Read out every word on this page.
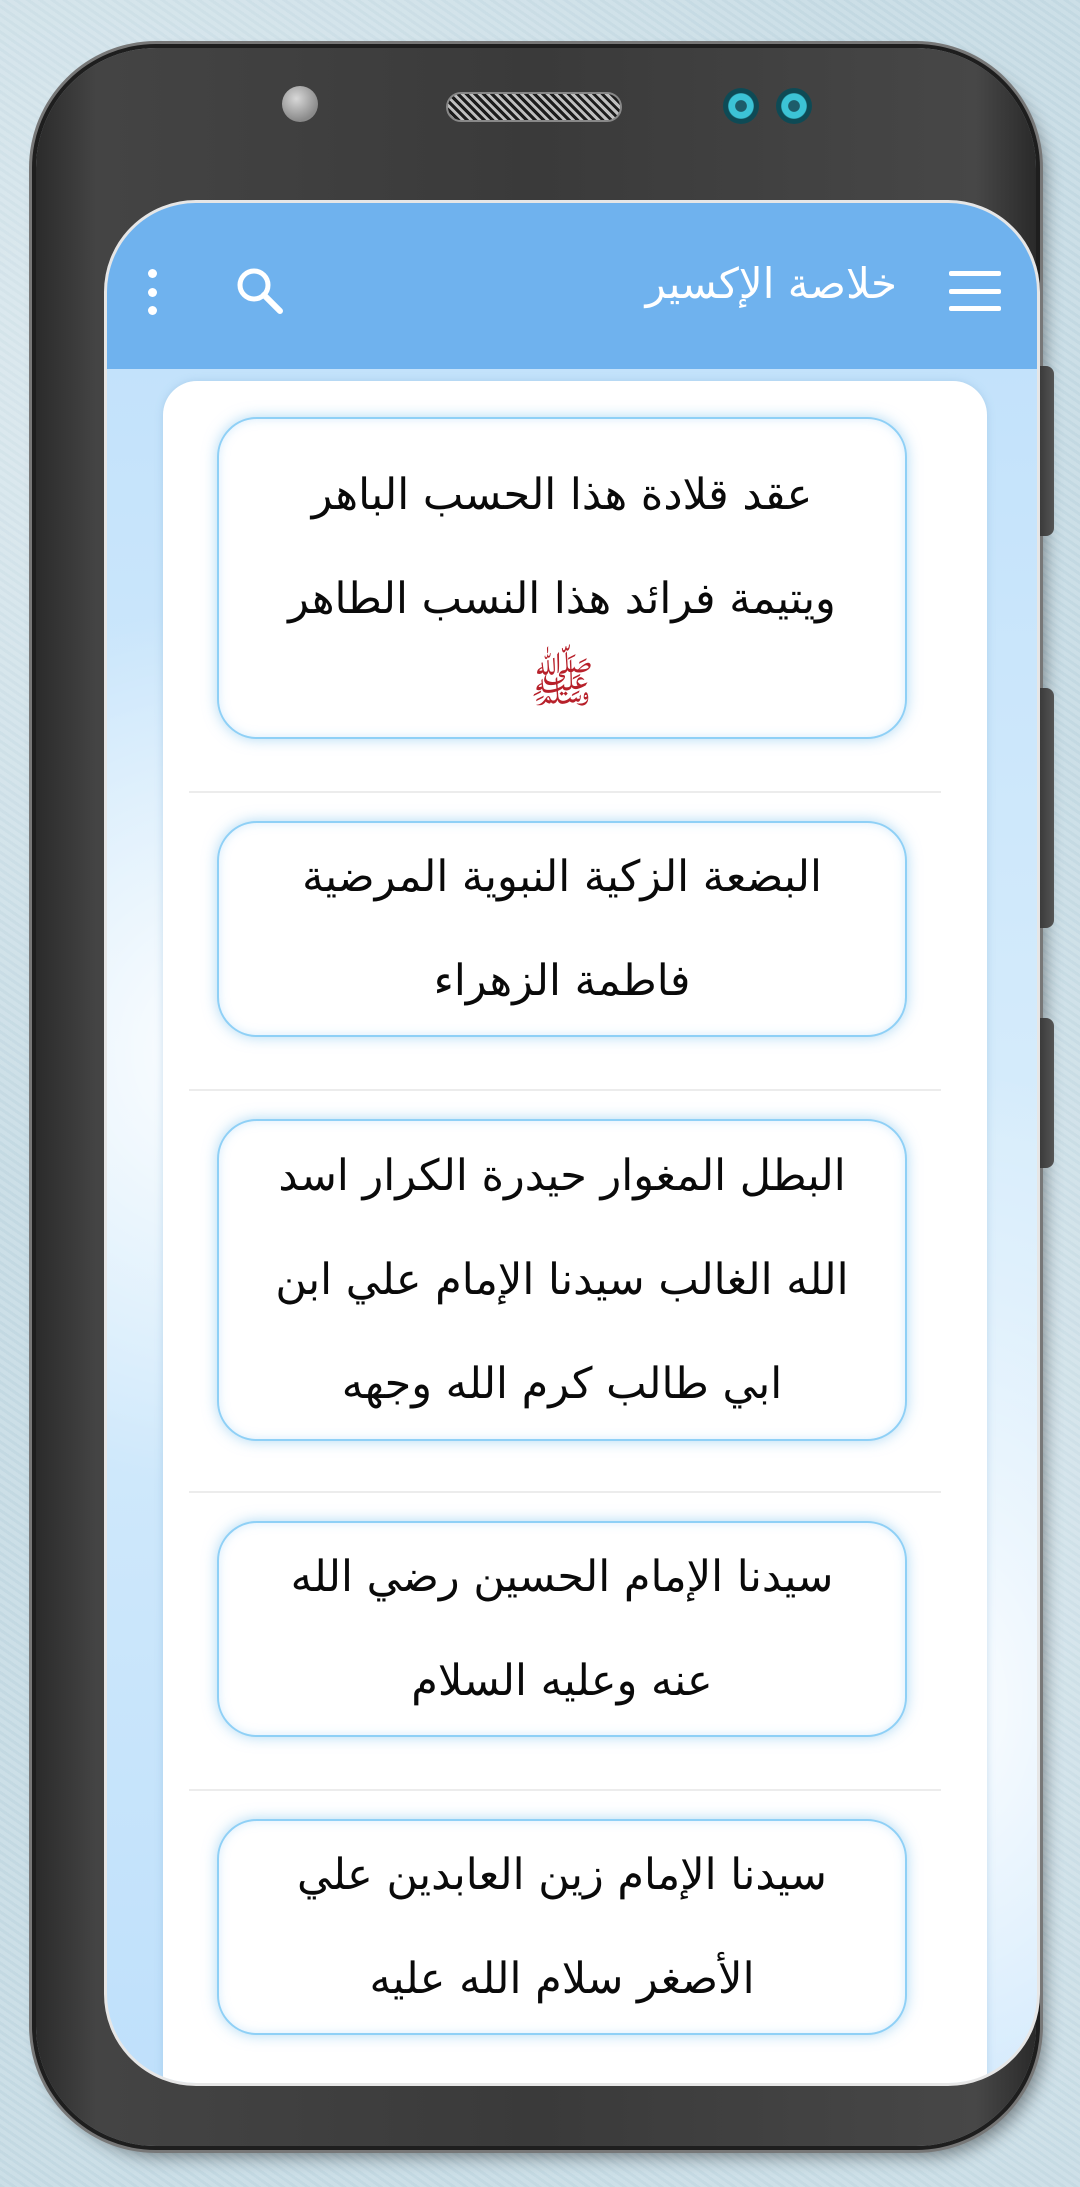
خلاصة الإكسير
عقد قلادة هذا الحسب الباهر
ويتيمة فرائد هذا النسب الطاهر
ﷺ
البضعة الزكية النبوية المرضية
فاطمة الزهراء
البطل المغوار حيدرة الكرار اسد
الله الغالب سيدنا الإمام علي ابن
ابي طالب كرم الله وجهه
سيدنا الإمام الحسين رضي الله
عنه وعليه السلام
سيدنا الإمام زين العابدين علي
الأصغر سلام الله عليه
